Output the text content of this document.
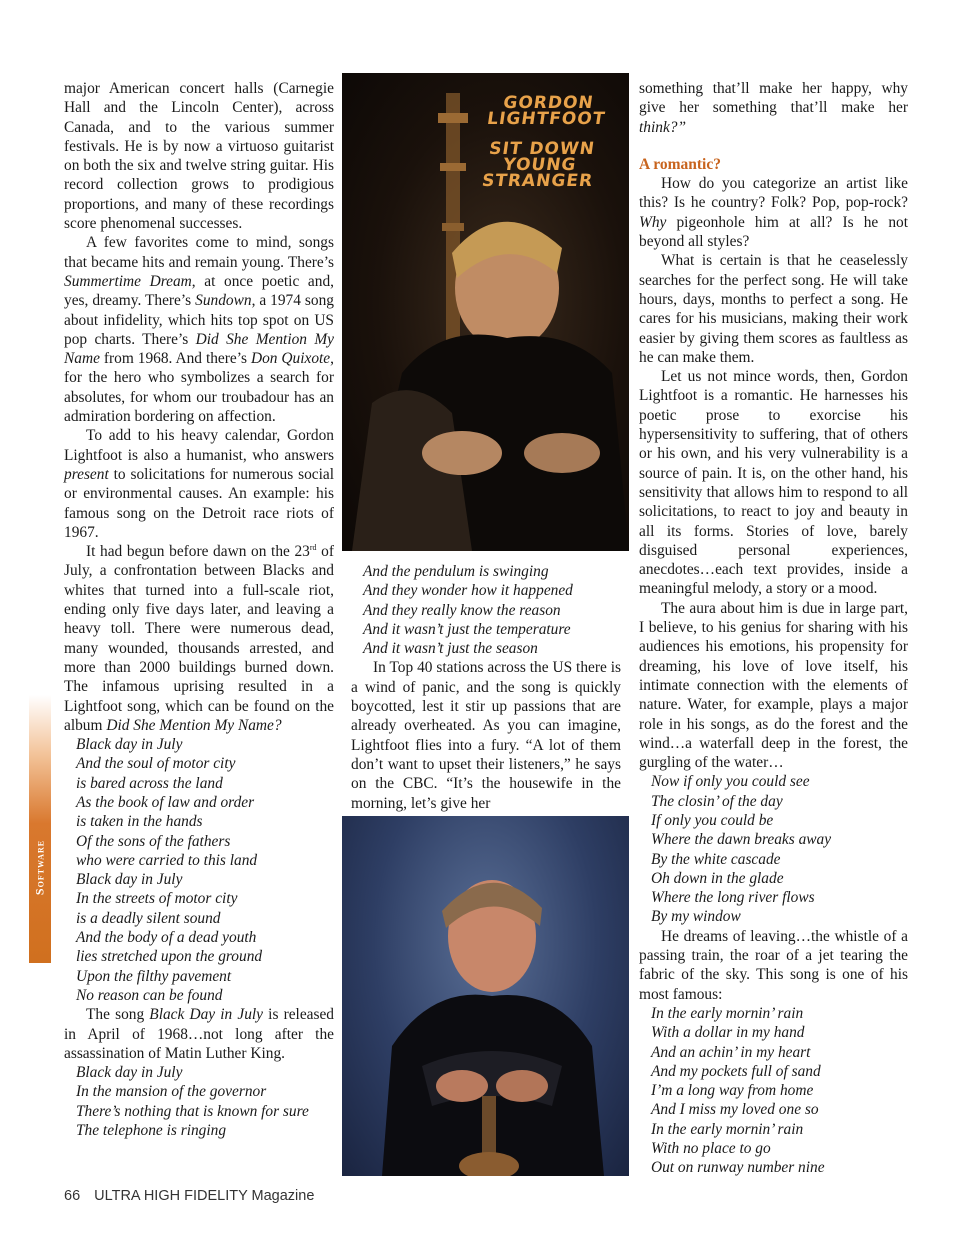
major American concert halls (Carnegie Hall and the Lincoln Center), across Canada, and to the various summer festivals. He is by now a virtuoso guitarist on both the six and twelve string guitar. His record collection grows to prodigious proportions, and many of these recordings score phenomenal successes.

A few favorites come to mind, songs that became hits and remain young. There’s Summertime Dream, at once poetic and, yes, dreamy. There’s Sundown, a 1974 song about infidelity, which hits top spot on US pop charts. There’s Did She Mention My Name from 1968. And there’s Don Quixote, for the hero who symbolizes a search for absolutes, for whom our troubadour has an admiration bordering on affection.

To add to his heavy calendar, Gordon Lightfoot is also a humanist, who answers present to solicitations for numerous social or environmental causes. An example: his famous song on the Detroit race riots of 1967.

It had begun before dawn on the 23rd of July, a confrontation between Blacks and whites that turned into a full-scale riot, ending only five days later, and leaving a heavy toll. There were numerous dead, many wounded, thousands arrested, and more than 2000 buildings burned down. The infamous uprising resulted in a Lightfoot song, which can be found on the album Did She Mention My Name?

Black day in July
And the soul of motor city
is bared across the land
As the book of law and order
is taken in the hands
Of the sons of the fathers
who were carried to this land
Black day in July
In the streets of motor city
is a deadly silent sound
And the body of a dead youth
lies stretched upon the ground
Upon the filthy pavement
No reason can be found

The song Black Day in July is released in April of 1968…not long after the assassination of Matin Luther King.

Black day in July
In the mansion of the governor
There’s nothing that is known for sure
The telephone is ringing
GORDON
LIGHTFOOT
SIT DOWN
YOUNG
STRANGER
And the pendulum is swinging
And they wonder how it happened
And they really know the reason
And it wasn’t just the temperature
And it wasn’t just the season

In Top 40 stations across the US there is a wind of panic, and the song is quickly boycotted, lest it stir up passions that are already overheated. As you can imagine, Lightfoot flies into a fury. “A lot of them don’t want to upset their listeners,” he says on the CBC. “It’s the housewife in the morning, let’s give her

something that’ll make her happy, why give her something that’ll make her think?”

A romantic?

How do you categorize an artist like this? Is he country? Folk? Pop, pop-rock? Why pigeonhole him at all? Is he not beyond all styles?

What is certain is that he ceaselessly searches for the perfect song. He will take hours, days, months to perfect a song. He cares for his musicians, making their work easier by giving them scores as faultless as he can make them.

Let us not mince words, then, Gordon Lightfoot is a romantic. He harnesses his poetic prose to exorcise his hypersensitivity to suffering, that of others or his own, and his very vulnerability is a source of pain. It is, on the other hand, his sensitivity that allows him to respond to all solicitations, to react to joy and beauty in all its forms. Stories of love, barely disguised personal experiences, anecdotes…each text provides, inside a meaningful melody, a story or a mood.

The aura about him is due in large part, I believe, to his genius for sharing with his audiences his emotions, his propensity for dreaming, his love of love itself, his intimate connection with the elements of nature. Water, for example, plays a major role in his songs, as do the forest and the wind…a waterfall deep in the forest, the gurgling of the water…

Now if only you could see
The closin’ of the day
If only you could be
Where the dawn breaks away
By the white cascade
Oh down in the glade
Where the long river flows
By my window

He dreams of leaving…the whistle of a passing train, the roar of a jet tearing the fabric of the sky. This song is one of his most famous:

In the early mornin’ rain
With a dollar in my hand
And an achin’ in my heart
And my pockets full of sand
I’m a long way from home
And I miss my loved one so
In the early mornin’ rain
With no place to go
Out on runway number nine
Software
66 ULTRA HIGH FIDELITY Magazine
